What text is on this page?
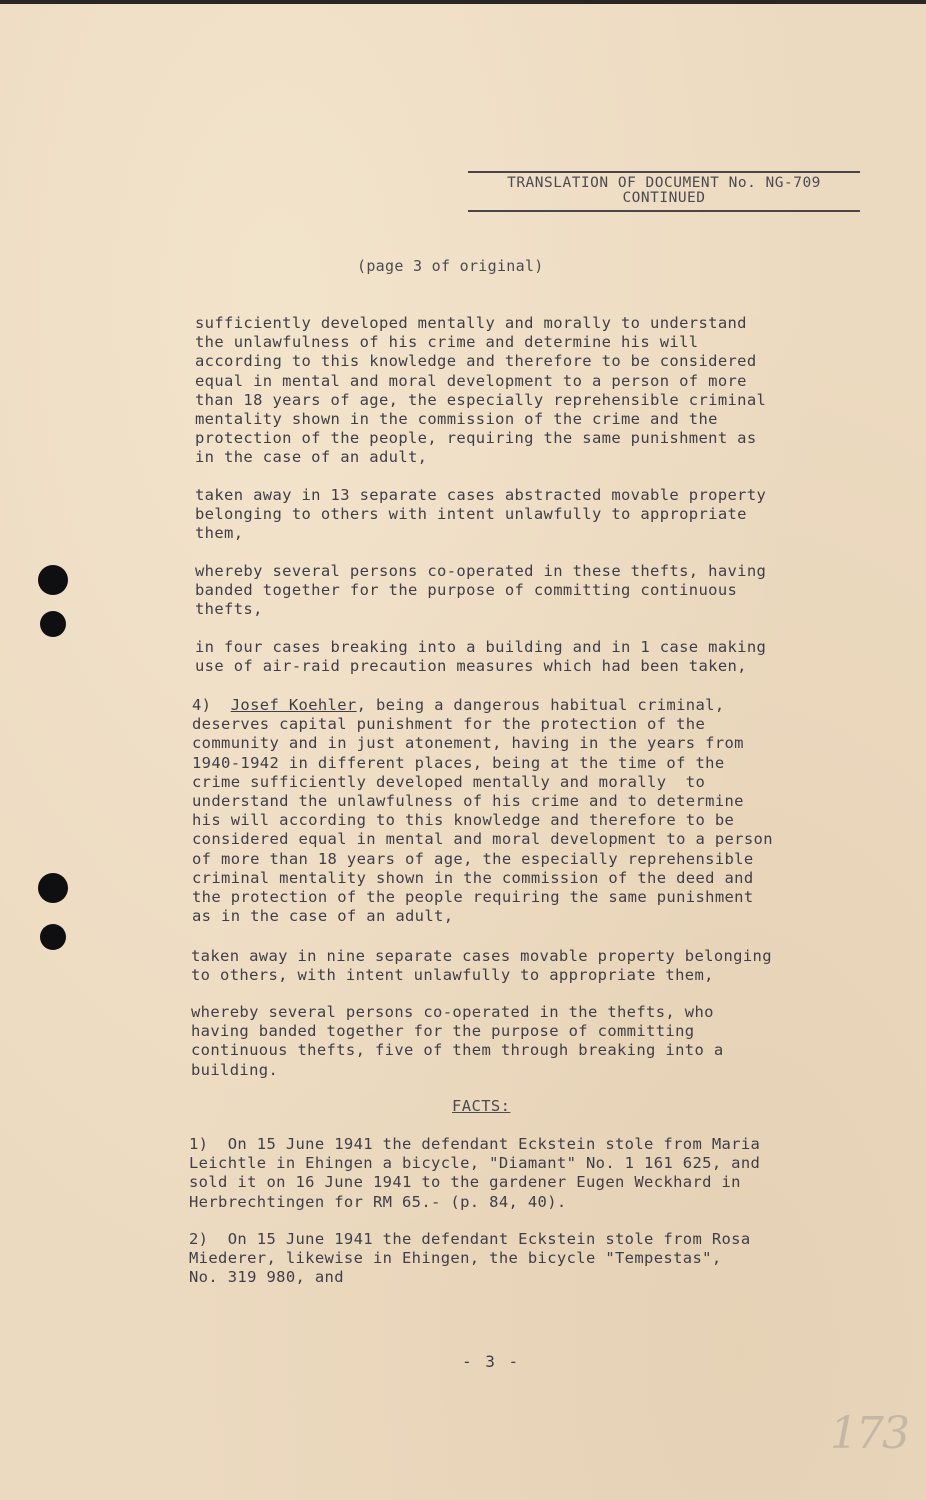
TRANSLATION OF DOCUMENT No. NG-709
CONTINUED
(page 3 of original)
sufficiently developed mentally and morally to understand
the unlawfulness of his crime and determine his will
according to this knowledge and therefore to be considered
equal in mental and moral development to a person of more
than 18 years of age, the especially reprehensible criminal
mentality shown in the commission of the crime and the
protection of the people, requiring the same punishment as
in the case of an adult,
taken away in 13 separate cases abstracted movable property
belonging to others with intent unlawfully to appropriate
them,
whereby several persons co-operated in these thefts, having
banded together for the purpose of committing continuous
thefts,
in four cases breaking into a building and in 1 case making
use of air-raid precaution measures which had been taken,
4)  Josef Koehler, being a dangerous habitual criminal,
deserves capital punishment for the protection of the
community and in just atonement, having in the years from
1940-1942 in different places, being at the time of the
crime sufficiently developed mentally and morally  to
understand the unlawfulness of his crime and to determine
his will according to this knowledge and therefore to be
considered equal in mental and moral development to a person
of more than 18 years of age, the especially reprehensible
criminal mentality shown in the commission of the deed and
the protection of the people requiring the same punishment
as in the case of an adult,
taken away in nine separate cases movable property belonging
to others, with intent unlawfully to appropriate them,
whereby several persons co-operated in the thefts, who
having banded together for the purpose of committing
continuous thefts, five of them through breaking into a
building.
FACTS:
1)  On 15 June 1941 the defendant Eckstein stole from Maria
Leichtle in Ehingen a bicycle, "Diamant" No. 1 161 625, and
sold it on 16 June 1941 to the gardener Eugen Weckhard in
Herbrechtingen for RM 65.- (p. 84, 40).
2)  On 15 June 1941 the defendant Eckstein stole from Rosa
Miederer, likewise in Ehingen, the bicycle "Tempestas",
No. 319 980, and
- 3 -
173
